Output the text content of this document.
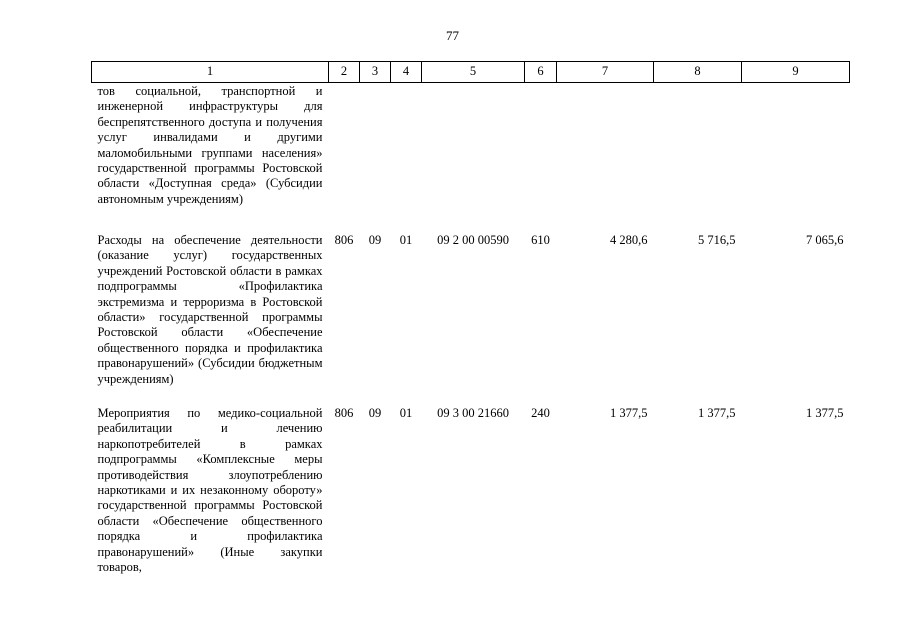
77
1	2	3	4	5	6	7	8	9
тов социальной, транспортной и инженерной инфраструктуры для беспрепятственного доступа и получения услуг инвалидами и другими маломобильными группами населения» государственной программы Ростовской области «Доступная среда» (Субсидии автономным учреждениям)								
Расходы на обеспечение деятельности (оказание услуг) государственных учреждений Ростовской области в рамках подпрограммы «Профилактика экстремизма и терроризма в Ростовской области» государственной программы Ростовской области «Обеспечение общественного порядка и профилактика правонарушений» (Субсидии бюджетным учреждениям)	806	09	01	09 2 00 00590	610	4 280,6	5 716,5	7 065,6
Мероприятия по медико-социальной реабилитации и лечению наркопотребителей в рамках подпрограммы «Комплексные меры противодействия злоупотреблению наркотиками и их незаконному обороту» государственной программы Ростовской области «Обеспечение общественного порядка и профилактика правонарушений» (Иные закупки товаров,	806	09	01	09 3 00 21660	240	1 377,5	1 377,5	1 377,5
